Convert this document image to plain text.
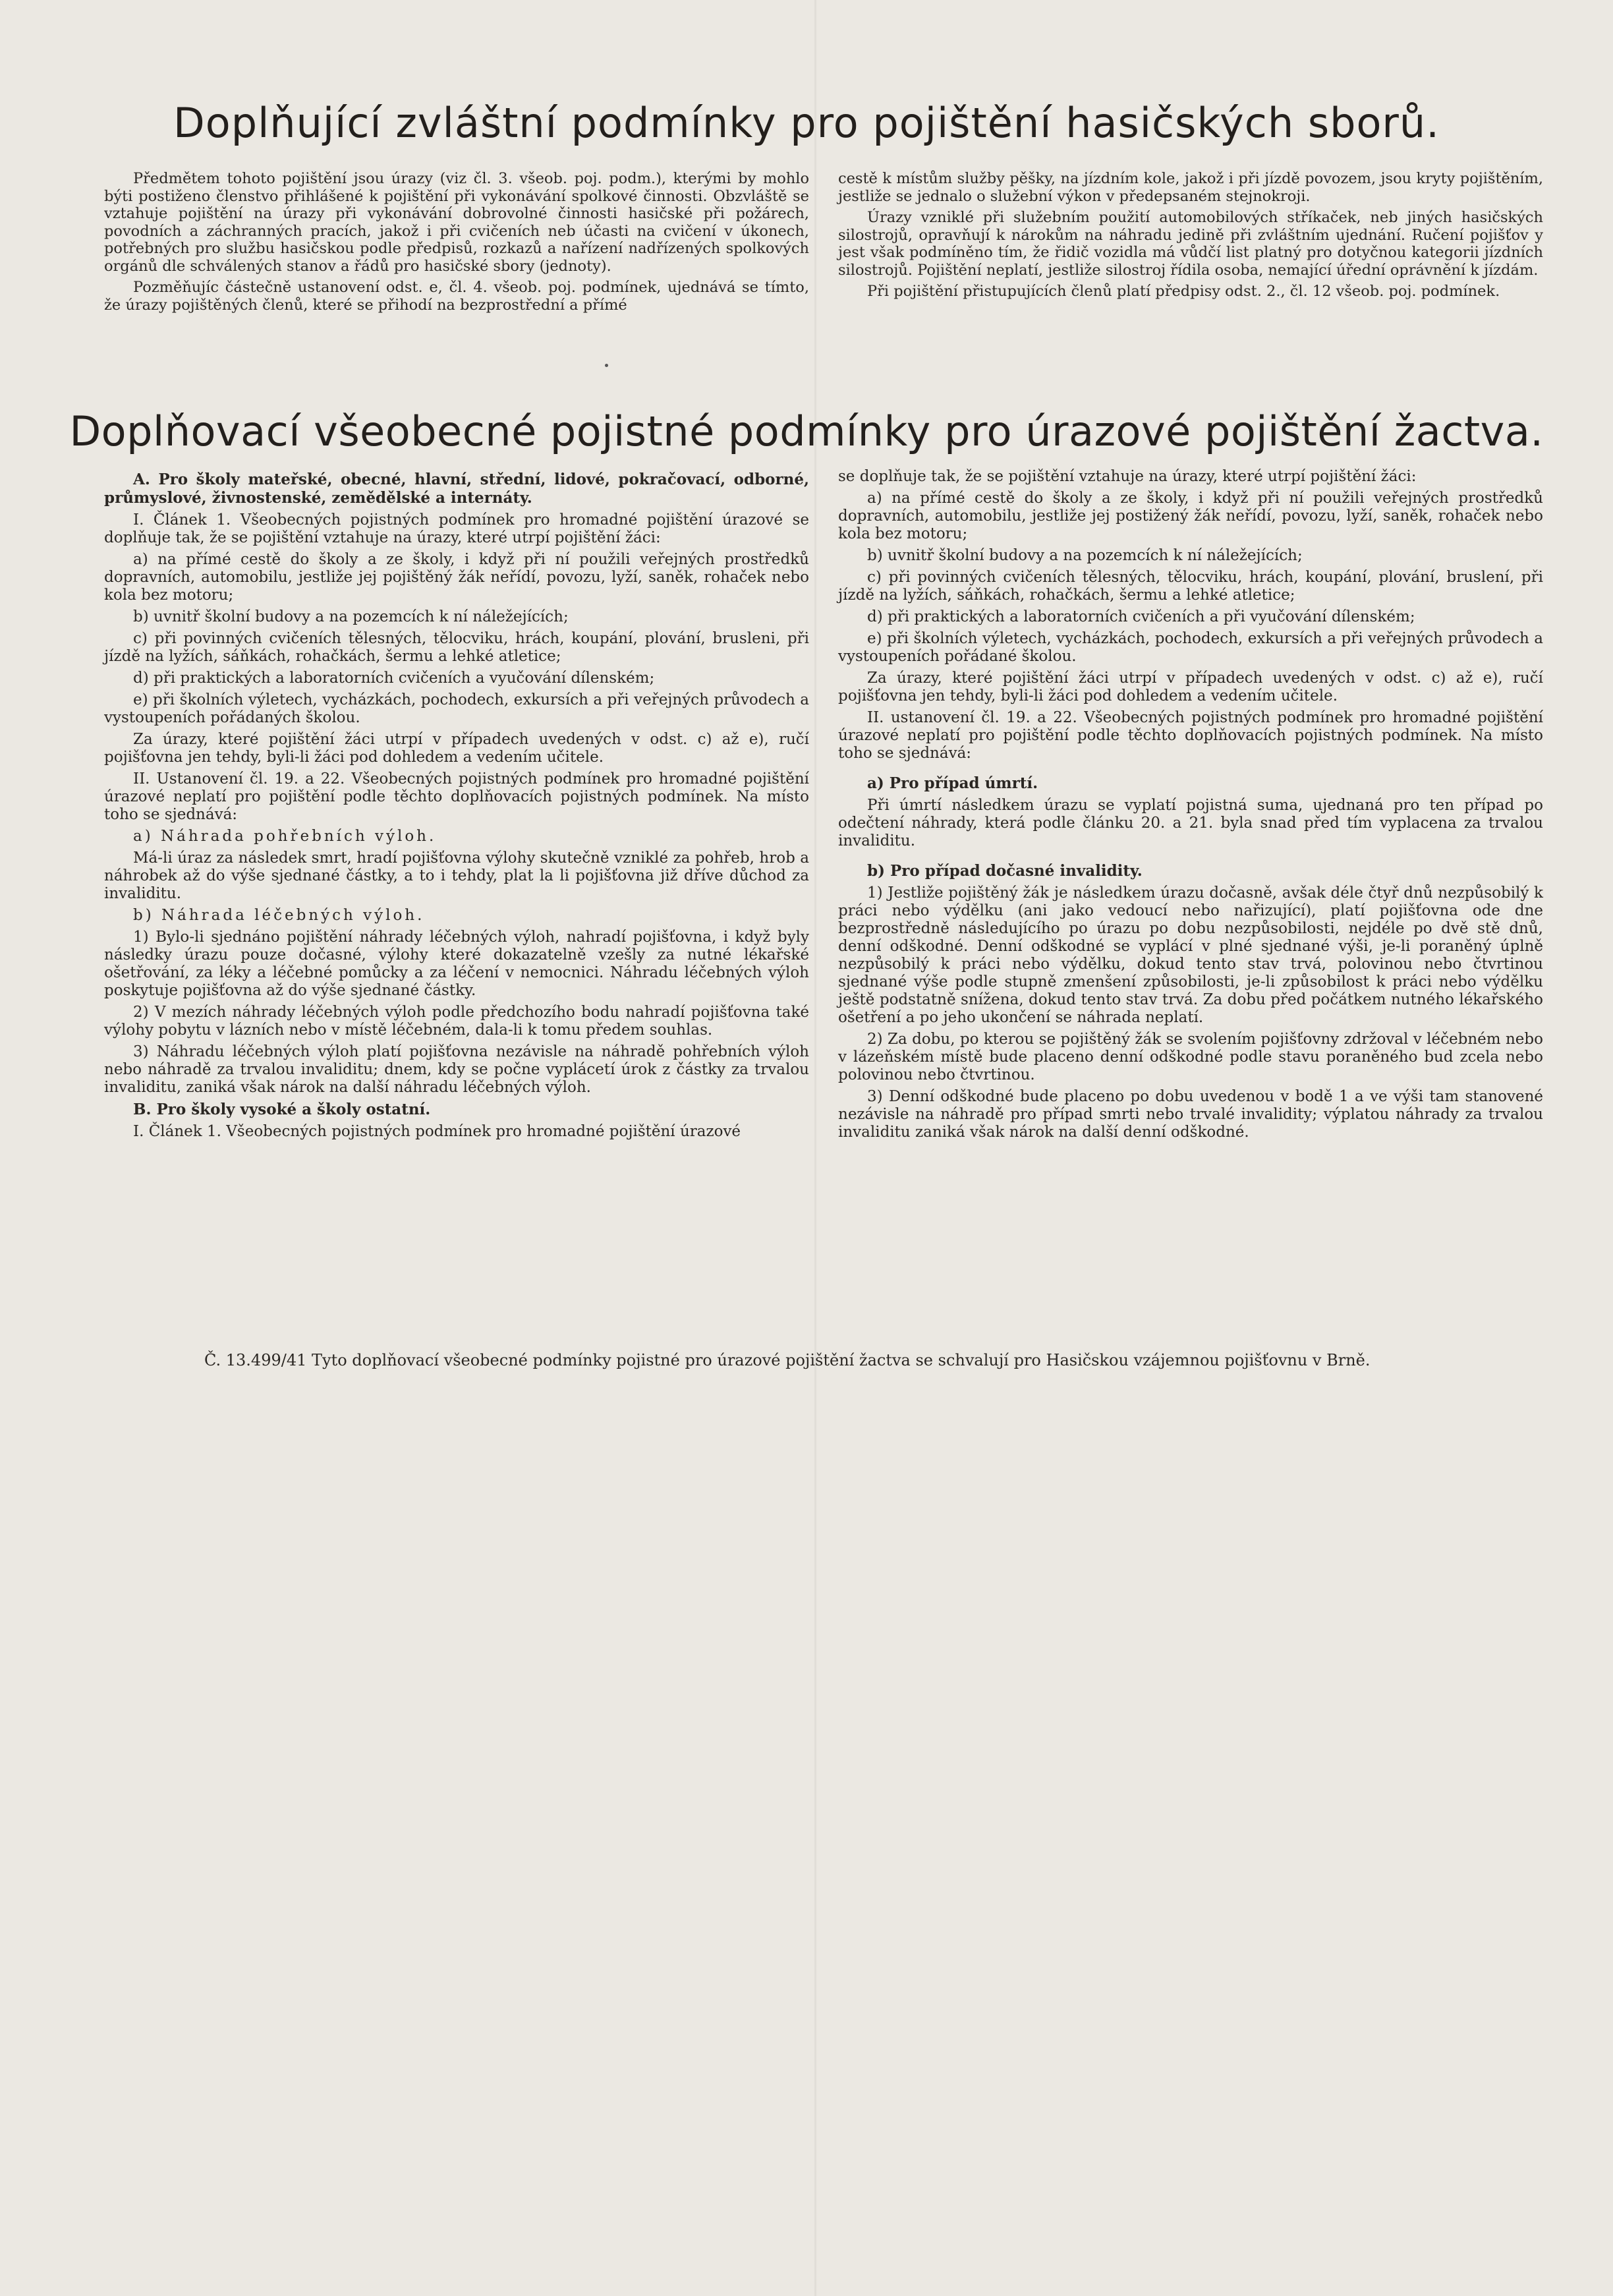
Doplňující zvláštní podmínky pro pojištění hasičských sborů.

Předmětem tohoto pojištění jsou úrazy (viz čl. 3. všeob. poj. podm.), kterými by mohlo býti postiženo členstvo přihlášené k pojištění při vykonávání spolkové činnosti. Obzvláště se vztahuje pojištění na úrazy při vykonávání dobrovolné činnosti hasičské při požárech, povodních a záchranných pracích, jakož i při cvičeních neb účasti na cvičení v úkonech, potřebných pro službu hasičskou podle předpisů, rozkazů a nařízení nadřízených spolkových orgánů dle schválených stanov a řádů pro hasičské sbory (jednoty).

Pozměňujíc částečně ustanovení odst. e, čl. 4. všeob. poj. podmínek, ujednává se tímto, že úrazy pojištěných členů, které se přihodí na bezprostřední a přímé

cestě k místům služby pěšky, na jízdním kole, jakož i při jízdě povozem, jsou kryty pojištěním, jestliže se jednalo o služební výkon v předepsaném stejnokroji.

Úrazy vzniklé při služebním použití automobilových stříkaček, neb jiných hasičských silostrojů, opravňují k nárokům na náhradu jedině při zvláštním ujednání. Ručení pojišťov y jest však podmíněno tím, že řidič vozidla má vůdčí list platný pro dotyčnou kategorii jízdních silostrojů. Pojištění neplatí, jestliže silostroj řídila osoba, nemající úřední oprávnění k jízdám.

Při pojištění přistupujících členů platí předpisy odst. 2., čl. 12 všeob. poj. podmínek.

Doplňovací všeobecné pojistné podmínky pro úrazové pojištění žactva.

A. Pro školy mateřské, obecné, hlavní, střední, lidové, pokračovací, odborné, průmyslové, živnostenské, zemědělské a internáty.

I. Článek 1. Všeobecných pojistných podmínek pro hromadné pojištění úrazové se doplňuje tak, že se pojištění vztahuje na úrazy, které utrpí pojištění žáci:

a) na přímé cestě do školy a ze školy, i když při ní použili veřejných prostředků dopravních, automobilu, jestliže jej pojištěný žák neřídí, povozu, lyží, saněk, rohaček nebo kola bez motoru;

b) uvnitř školní budovy a na pozemcích k ní náležejících;

c) při povinných cvičeních tělesných, tělocviku, hrách, koupání, plování, brusleni, při jízdě na lyžích, sáňkách, rohačkách, šermu a lehké atletice;

d) při praktických a laboratorních cvičeních a vyučování dílenském;

e) při školních výletech, vycházkách, pochodech, exkursích a při veřejných průvodech a vystoupeních pořádaných školou.

Za úrazy, které pojištění žáci utrpí v případech uvedených v odst. c) až e), ručí pojišťovna jen tehdy, byli-li žáci pod dohledem a vedením učitele.

II. Ustanovení čl. 19. a 22. Všeobecných pojistných podmínek pro hromadné pojištění úrazové neplatí pro pojištění podle těchto doplňovacích pojistných podmínek. Na místo toho se sjednává:

a) Náhrada pohřebních výloh.

Má-li úraz za následek smrt, hradí pojišťovna výlohy skutečně vzniklé za pohřeb, hrob a náhrobek až do výše sjednané částky, a to i tehdy, plat la li pojišťovna již dříve důchod za invaliditu.

b) Náhrada léčebných výloh.

1) Bylo-li sjednáno pojištění náhrady léčebných výloh, nahradí pojišťovna, i když byly následky úrazu pouze dočasné, výlohy které dokazatelně vzešly za nutné lékařské ošetřování, za léky a léčebné pomůcky a za léčení v nemocnici. Náhradu léčebných výloh poskytuje pojišťovna až do výše sjednané částky.

2) V mezích náhrady léčebných výloh podle předchozího bodu nahradí pojišťovna také výlohy pobytu v lázních nebo v místě léčebném, dala-li k tomu předem souhlas.

3) Náhradu léčebných výloh platí pojišťovna nezávisle na náhradě pohřebních výloh nebo náhradě za trvalou invaliditu; dnem, kdy se počne vyplácetí úrok z částky za trvalou invaliditu, zaniká však nárok na další náhradu léčebných výloh.

B. Pro školy vysoké a školy ostatní.

I. Článek 1. Všeobecných pojistných podmínek pro hromadné pojištění úrazové

se doplňuje tak, že se pojištění vztahuje na úrazy, které utrpí pojištění žáci:

a) na přímé cestě do školy a ze školy, i když při ní použili veřejných prostředků dopravních, automobilu, jestliže jej postižený žák neřídí, povozu, lyží, saněk, rohaček nebo kola bez motoru;

b) uvnitř školní budovy a na pozemcích k ní náležejících;

c) při povinných cvičeních tělesných, tělocviku, hrách, koupání, plování, bruslení, při jízdě na lyžích, sáňkách, rohačkách, šermu a lehké atletice;

d) při praktických a laboratorních cvičeních a při vyučování dílenském;

e) při školních výletech, vycházkách, pochodech, exkursích a při veřejných průvodech a vystoupeních pořádané školou.

Za úrazy, které pojištění žáci utrpí v případech uvedených v odst. c) až e), ručí pojišťovna jen tehdy, byli-li žáci pod dohledem a vedením učitele.

II. ustanovení čl. 19. a 22. Všeobecných pojistných podmínek pro hromadné pojištění úrazové neplatí pro pojištění podle těchto doplňovacích pojistných podmínek. Na místo toho se sjednává:

a) Pro případ úmrtí.

Při úmrtí následkem úrazu se vyplatí pojistná suma, ujednaná pro ten případ po odečtení náhrady, která podle článku 20. a 21. byla snad před tím vyplacena za trvalou invaliditu.

b) Pro případ dočasné invalidity.

1) Jestliže pojištěný žák je následkem úrazu dočasně, avšak déle čtyř dnů nezpůsobilý k práci nebo výdělku (ani jako vedoucí nebo nařizující), platí pojišťovna ode dne bezprostředně následujícího po úrazu po dobu nezpůsobilosti, nejdéle po dvě stě dnů, denní odškodné. Denní odškodné se vyplácí v plné sjednané výši, je-li poraněný úplně nezpůsobilý k práci nebo výdělku, dokud tento stav trvá, polovinou nebo čtvrtinou sjednané výše podle stupně zmenšení způsobilosti, je-li způsobilost k práci nebo výdělku ještě podstatně snížena, dokud tento stav trvá. Za dobu před počátkem nutného lékařského ošetření a po jeho ukončení se náhrada neplatí.

2) Za dobu, po kterou se pojištěný žák se svolením pojišťovny zdržoval v léčebném nebo v lázeňském místě bude placeno denní odškodné podle stavu poraněného bud zcela nebo polovinou nebo čtvrtinou.

3) Denní odškodné bude placeno po dobu uvedenou v bodě 1 a ve výši tam stanovené nezávisle na náhradě pro případ smrti nebo trvalé invalidity; výplatou náhrady za trvalou invaliditu zaniká však nárok na další denní odškodné.

Č. 13.499/41 Tyto doplňovací všeobecné podmínky pojistné pro úrazové pojištění žactva se schvalují pro Hasičskou vzájemnou pojišťovnu v Brně.
